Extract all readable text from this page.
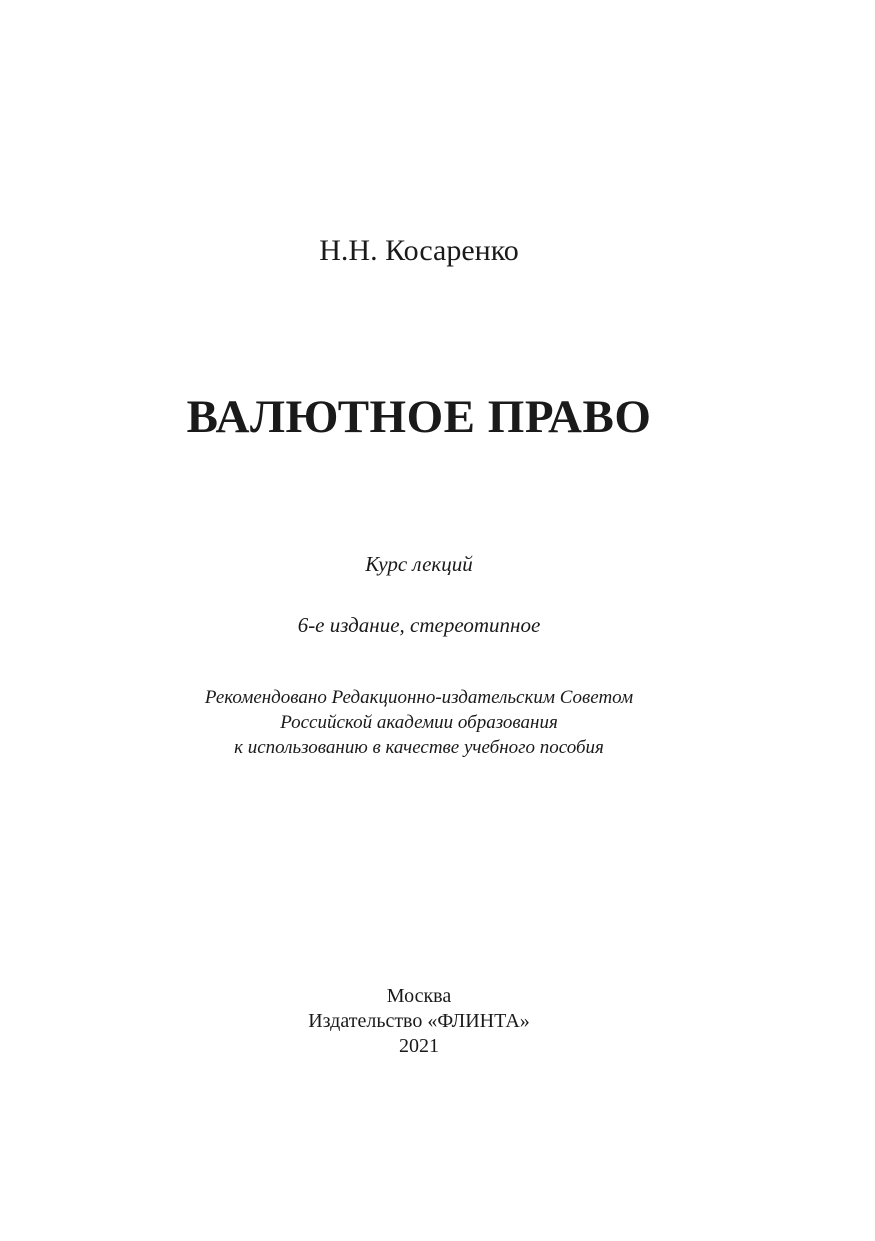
Н.Н. Косаренко
ВАЛЮТНОЕ ПРАВО
Курс лекций
6-е издание, стереотипное
Рекомендовано Редакционно-издательским Советом
Российской академии образования
к использованию в качестве учебного пособия
Москва
Издательство «ФЛИНТА»
2021
